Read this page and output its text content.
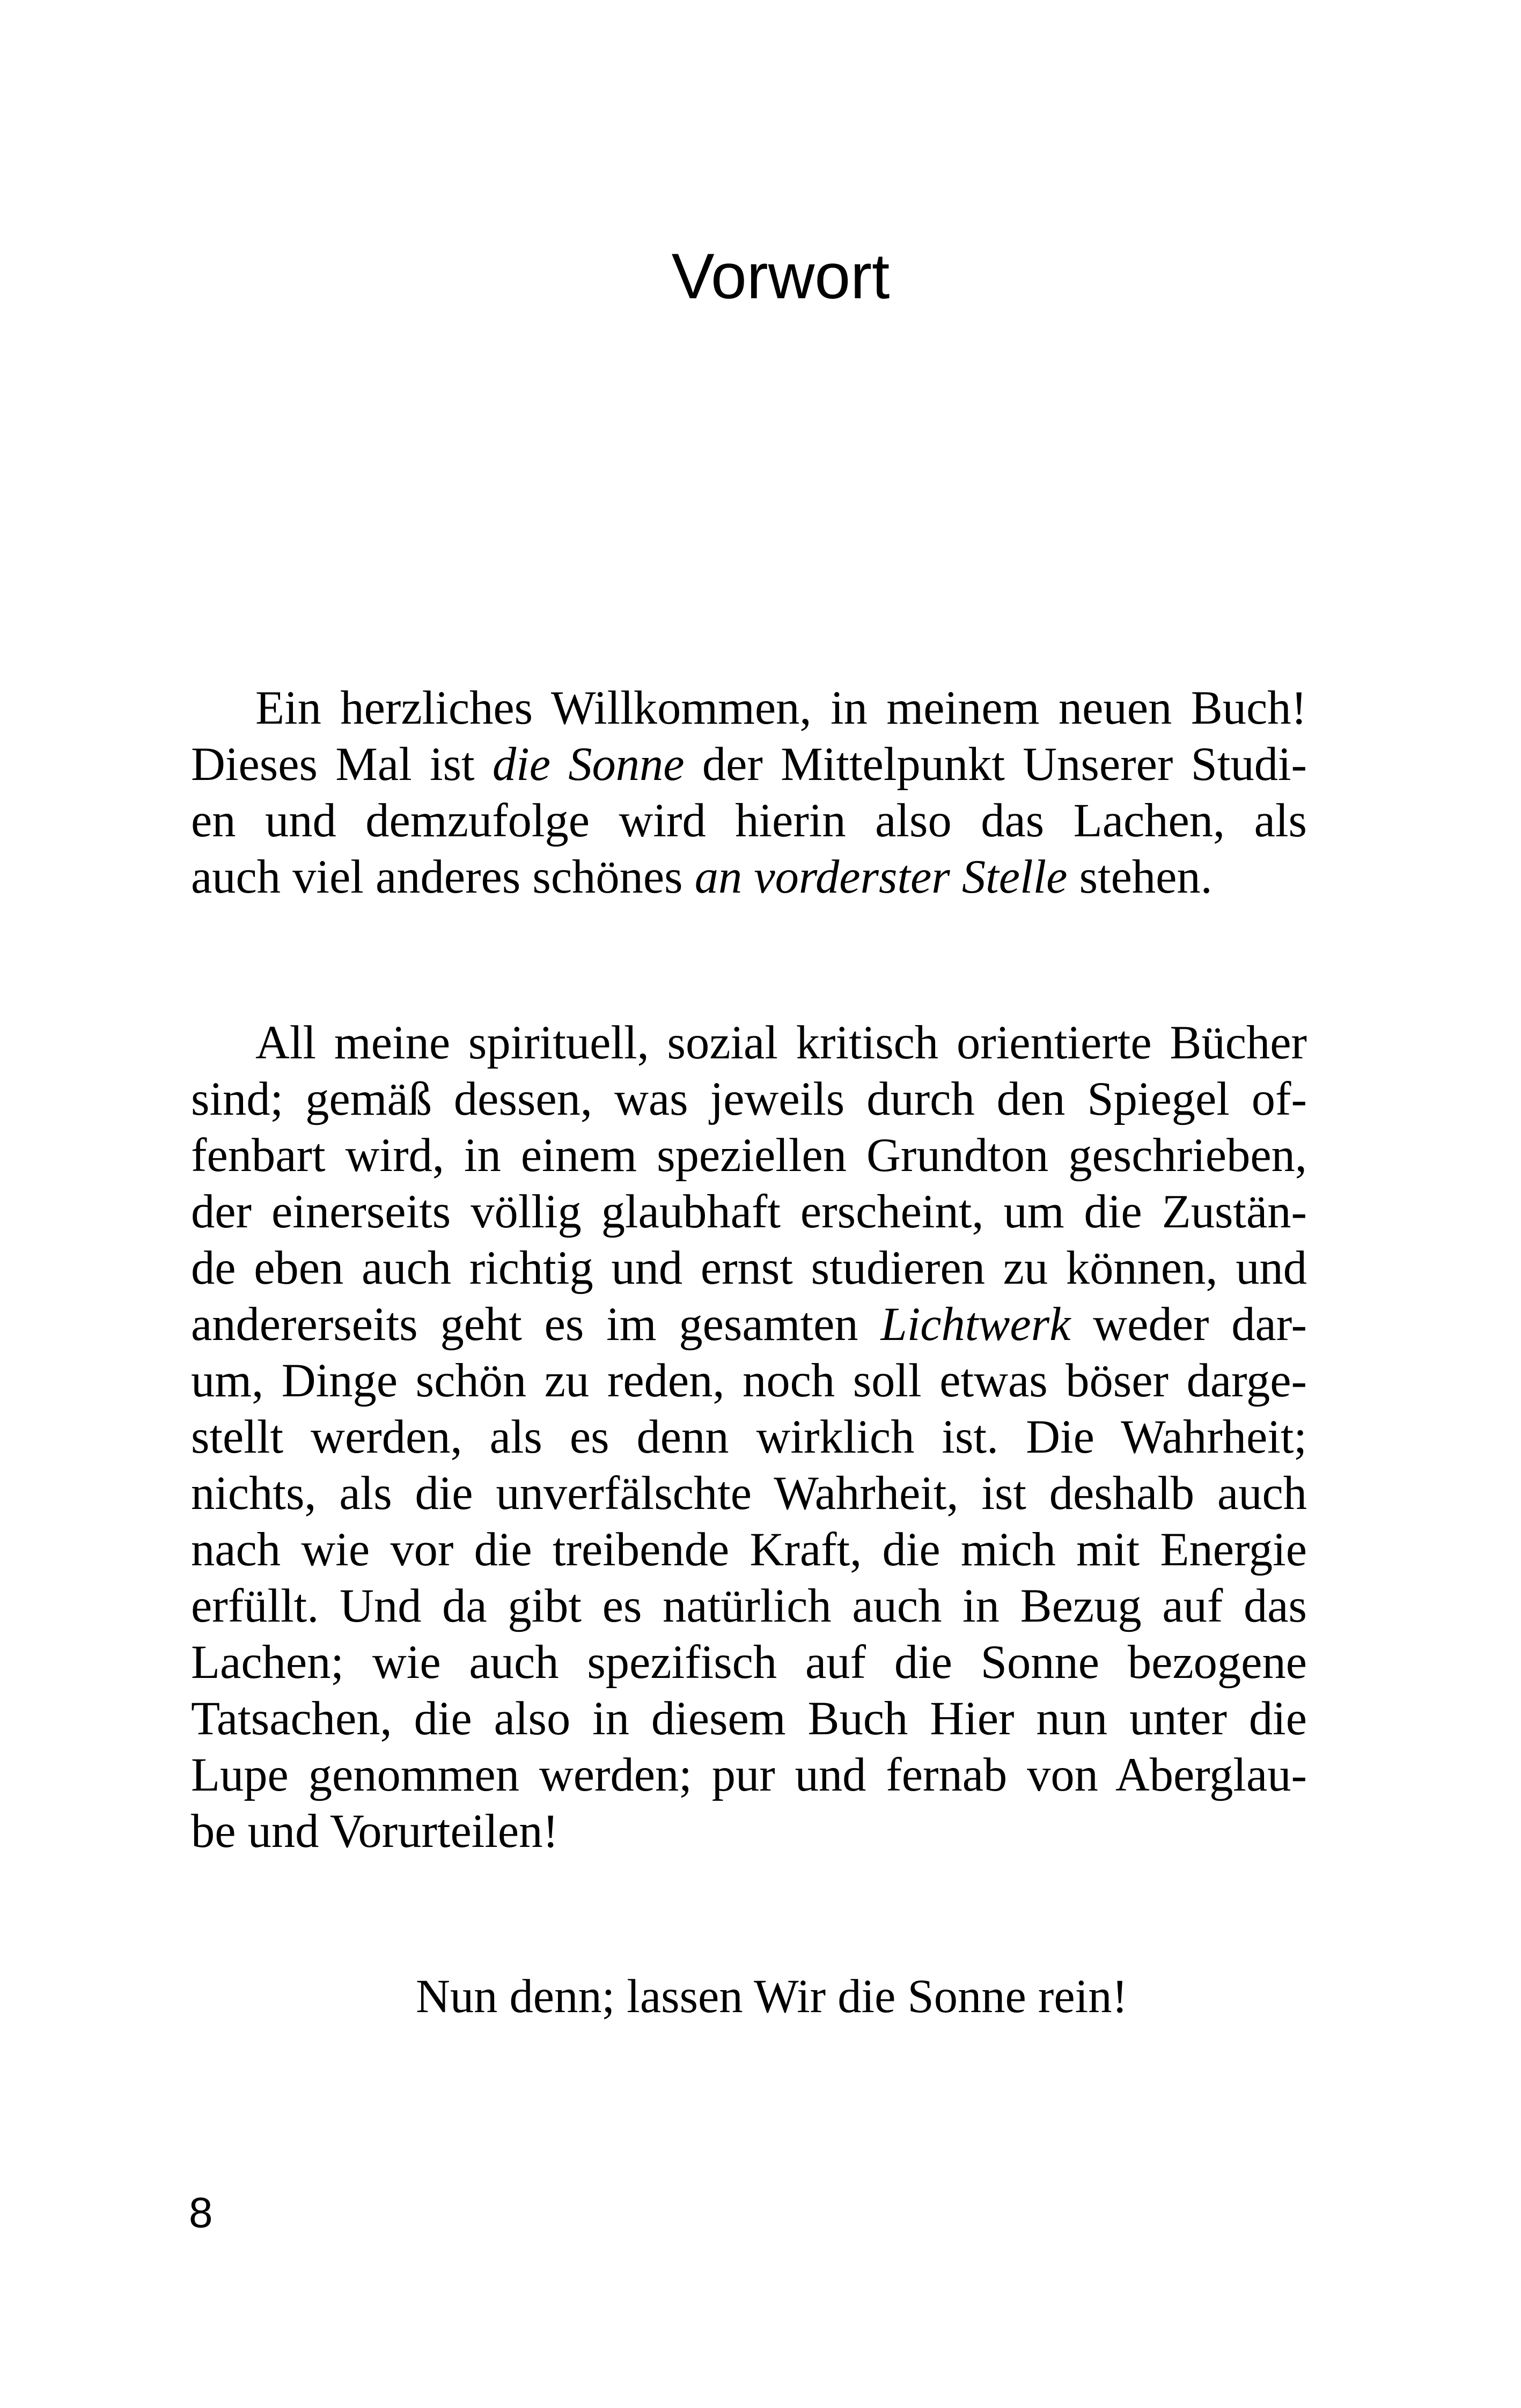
Vorwort
Ein herzliches Willkommen, in meinem neuen Buch!
Dieses Mal ist die Sonne der Mittelpunkt Unserer Studi-
en und demzufolge wird hierin also das Lachen, als
auch viel anderes schönes an vorderster Stelle stehen.
All meine spirituell, sozial kritisch orientierte Bücher
sind; gemäß dessen, was jeweils durch den Spiegel of-
fenbart wird, in einem speziellen Grundton geschrieben,
der einerseits völlig glaubhaft erscheint, um die Zustän-
de eben auch richtig und ernst studieren zu können, und
andererseits geht es im gesamten Lichtwerk weder dar-
um, Dinge schön zu reden, noch soll etwas böser darge-
stellt werden, als es denn wirklich ist. Die Wahrheit;
nichts, als die unverfälschte Wahrheit, ist deshalb auch
nach wie vor die treibende Kraft, die mich mit Energie
erfüllt. Und da gibt es natürlich auch in Bezug auf das
Lachen; wie auch spezifisch auf die Sonne bezogene
Tatsachen, die also in diesem Buch Hier nun unter die
Lupe genommen werden; pur und fernab von Aberglau-
be und Vorurteilen!
Nun denn; lassen Wir die Sonne rein!
8
